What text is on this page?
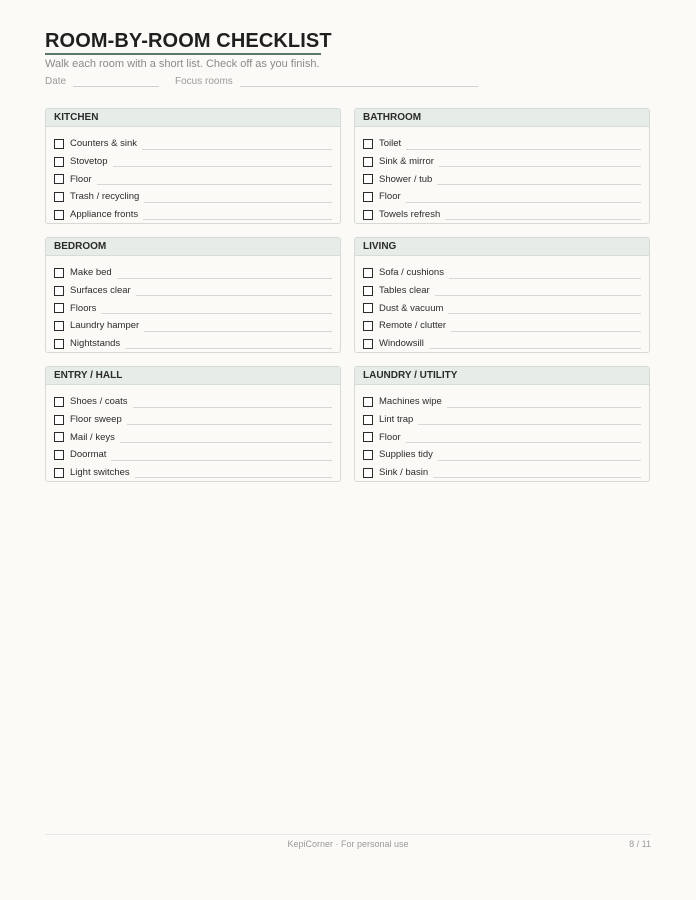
ROOM-BY-ROOM CHECKLIST
Walk each room with a short list. Check off as you finish.
Date	Focus rooms
KITCHEN
Counters & sink
Stovetop
Floor
Trash / recycling
Appliance fronts
BATHROOM
Toilet
Sink & mirror
Shower / tub
Floor
Towels refresh
BEDROOM
Make bed
Surfaces clear
Floors
Laundry hamper
Nightstands
LIVING
Sofa / cushions
Tables clear
Dust & vacuum
Remote / clutter
Windowsill
ENTRY / HALL
Shoes / coats
Floor sweep
Mail / keys
Doormat
Light switches
LAUNDRY / UTILITY
Machines wipe
Lint trap
Floor
Supplies tidy
Sink / basin
KepiCorner · For personal use	8 / 11
